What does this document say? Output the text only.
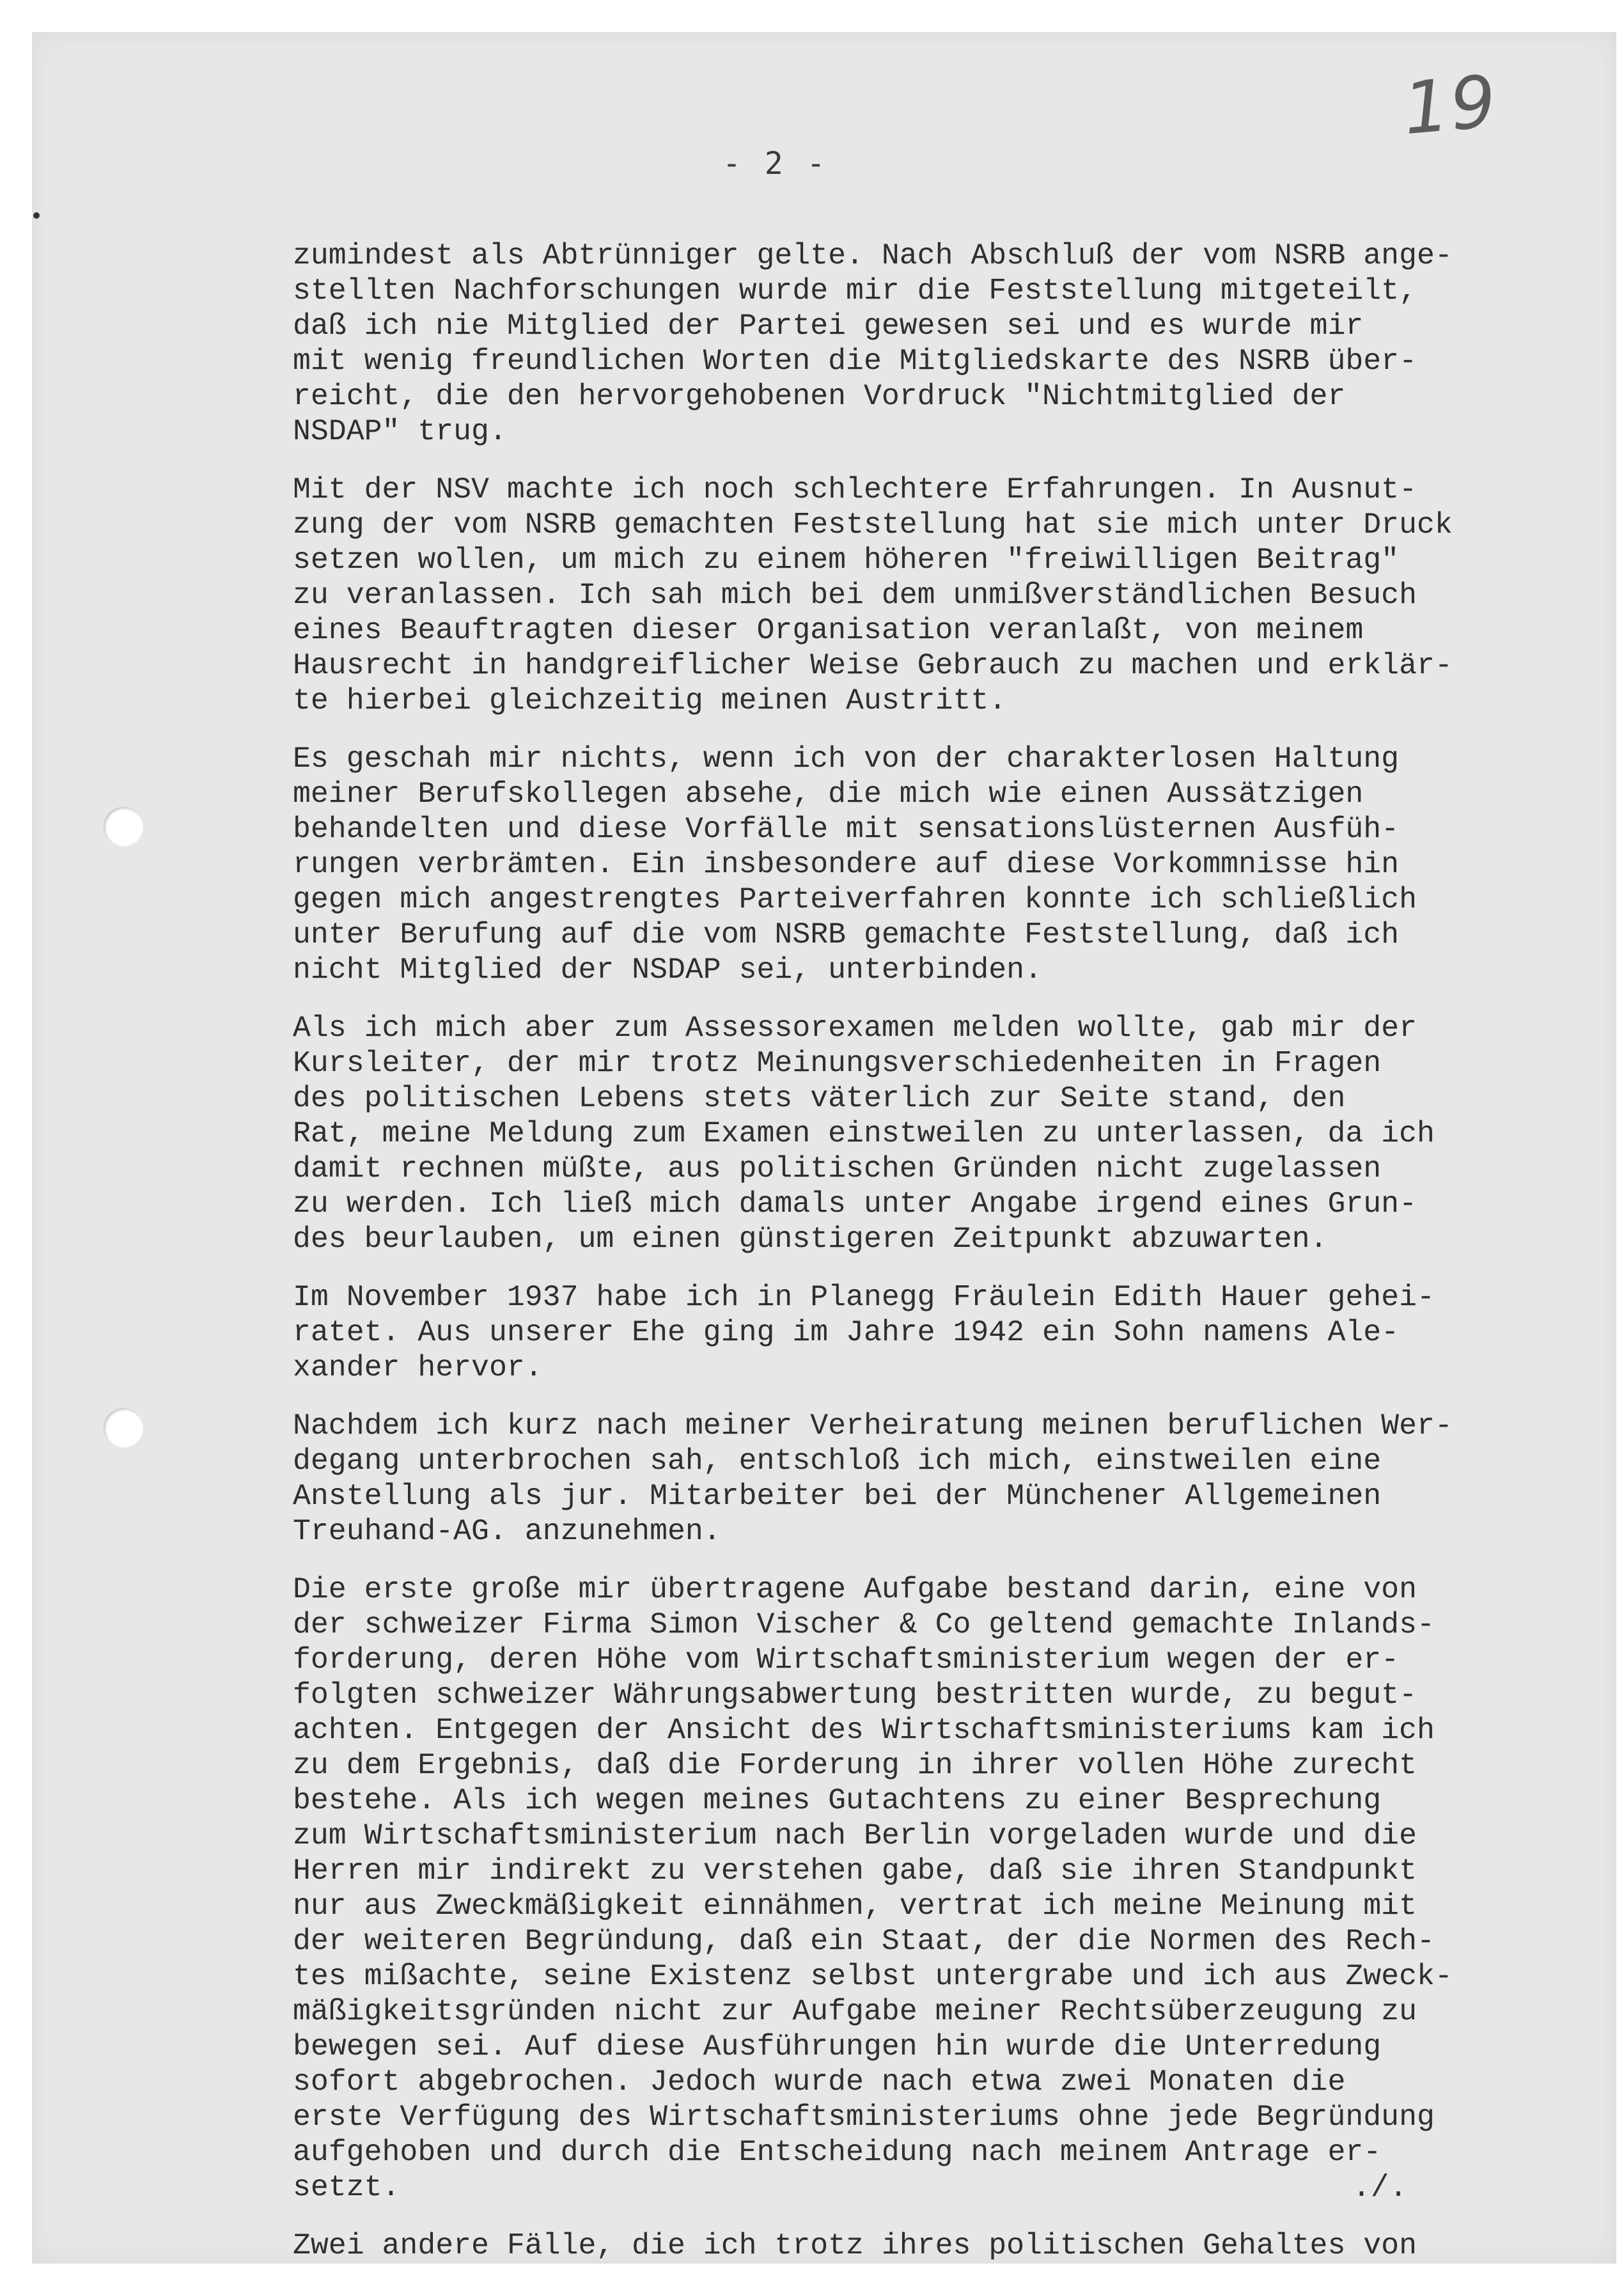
19
- 2 -
zumindest als Abtrünniger gelte. Nach Abschluß der vom NSRB ange-
stellten Nachforschungen wurde mir die Feststellung mitgeteilt,
daß ich nie Mitglied der Partei gewesen sei und es wurde mir
mit wenig freundlichen Worten die Mitgliedskarte des NSRB über-
reicht, die den hervorgehobenen Vordruck "Nichtmitglied der
NSDAP" trug.
Mit der NSV machte ich noch schlechtere Erfahrungen. In Ausnut-
zung der vom NSRB gemachten Feststellung hat sie mich unter Druck
setzen wollen, um mich zu einem höheren "freiwilligen Beitrag"
zu veranlassen. Ich sah mich bei dem unmißverständlichen Besuch
eines Beauftragten dieser Organisation veranlaßt, von meinem
Hausrecht in handgreiflicher Weise Gebrauch zu machen und erklär-
te hierbei gleichzeitig meinen Austritt.
Es geschah mir nichts, wenn ich von der charakterlosen Haltung
meiner Berufskollegen absehe, die mich wie einen Aussätzigen
behandelten und diese Vorfälle mit sensationslüsternen Ausfüh-
rungen verbrämten. Ein insbesondere auf diese Vorkommnisse hin
gegen mich angestrengtes Parteiverfahren konnte ich schließlich
unter Berufung auf die vom NSRB gemachte Feststellung, daß ich
nicht Mitglied der NSDAP sei, unterbinden.
Als ich mich aber zum Assessorexamen melden wollte, gab mir der
Kursleiter, der mir trotz Meinungsverschiedenheiten in Fragen
des politischen Lebens stets väterlich zur Seite stand, den
Rat, meine Meldung zum Examen einstweilen zu unterlassen, da ich
damit rechnen müßte, aus politischen Gründen nicht zugelassen
zu werden. Ich ließ mich damals unter Angabe irgend eines Grun-
des beurlauben, um einen günstigeren Zeitpunkt abzuwarten.
Im November 1937 habe ich in Planegg Fräulein Edith Hauer gehei-
ratet. Aus unserer Ehe ging im Jahre 1942 ein Sohn namens Ale-
xander hervor.
Nachdem ich kurz nach meiner Verheiratung meinen beruflichen Wer-
degang unterbrochen sah, entschloß ich mich, einstweilen eine
Anstellung als jur. Mitarbeiter bei der Münchener Allgemeinen
Treuhand-AG. anzunehmen.
Die erste große mir übertragene Aufgabe bestand darin, eine von
der schweizer Firma Simon Vischer & Co geltend gemachte Inlands-
forderung, deren Höhe vom Wirtschaftsministerium wegen der er-
folgten schweizer Währungsabwertung bestritten wurde, zu begut-
achten. Entgegen der Ansicht des Wirtschaftsministeriums kam ich
zu dem Ergebnis, daß die Forderung in ihrer vollen Höhe zurecht
bestehe. Als ich wegen meines Gutachtens zu einer Besprechung
zum Wirtschaftsministerium nach Berlin vorgeladen wurde und die
Herren mir indirekt zu verstehen gabe, daß sie ihren Standpunkt
nur aus Zweckmäßigkeit einnähmen, vertrat ich meine Meinung mit
der weiteren Begründung, daß ein Staat, der die Normen des Rech-
tes mißachte, seine Existenz selbst untergrabe und ich aus Zweck-
mäßigkeitsgründen nicht zur Aufgabe meiner Rechtsüberzeugung zu
bewegen sei. Auf diese Ausführungen hin wurde die Unterredung
sofort abgebrochen. Jedoch wurde nach etwa zwei Monaten die
erste Verfügung des Wirtschaftsministeriums ohne jede Begründung
aufgehoben und durch die Entscheidung nach meinem Antrage er-
setzt.
Zwei andere Fälle, die ich trotz ihres politischen Gehaltes von
./.
